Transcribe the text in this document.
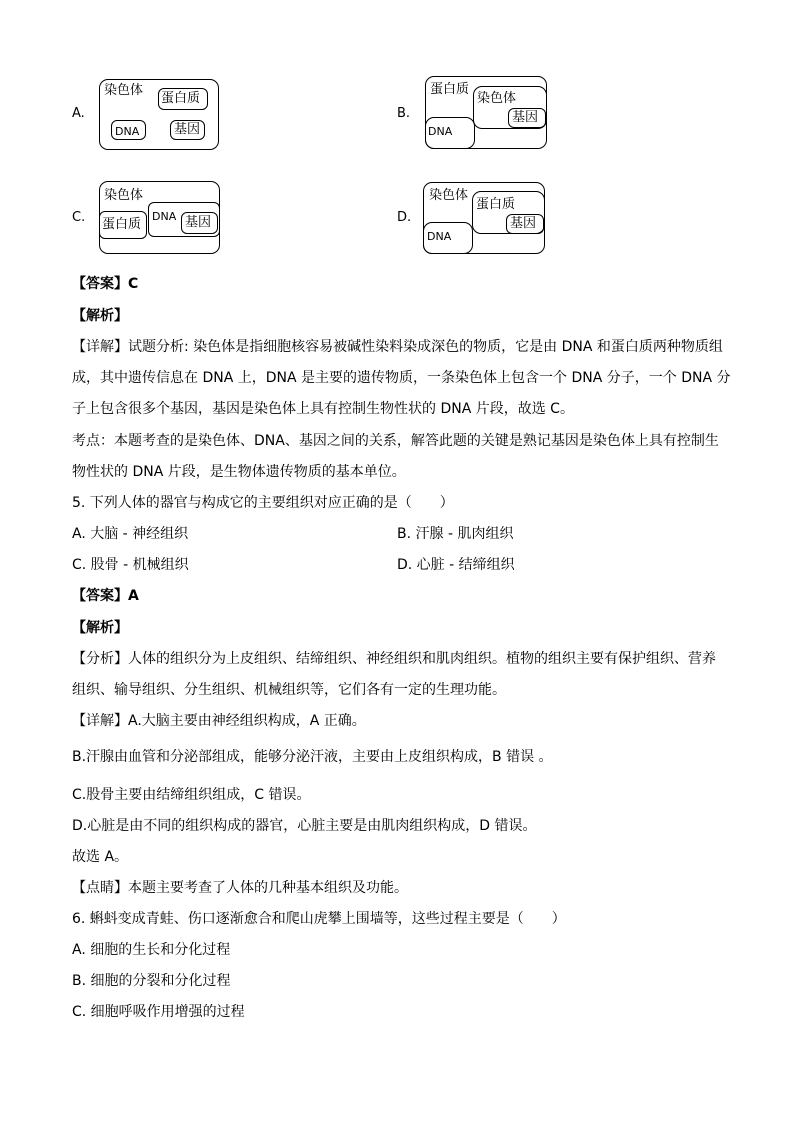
A.
染色体
蛋白质
DNA	基因
B.
蛋白质
染色体
基因
DNA
C.
染色体
蛋白质
DNA 基因	D.
染色体
蛋白质
基因
DNA
【答案】C
【解析】
【详解】试题分析: 染色体是指细胞核容易被碱性染料染成深色的物质，它是由 DNA 和蛋白质两种物质组
成，其中遗传信息在 DNA 上，DNA 是主要的遗传物质，一条染色体上包含一个 DNA 分子，一个 DNA 分
子上包含很多个基因，基因是染色体上具有控制生物性状的 DNA 片段，故选 C。
考点：本题考查的是染色体、DNA、基因之间的关系，解答此题的关键是熟记基因是染色体上具有控制生
物性状的 DNA 片段，是生物体遗传物质的基本单位。
5. 下列人体的器官与构成它的主要组织对应正确的是（　　）
A. 大脑 - 神经组织	B. 汗腺 - 肌肉组织
C. 股骨 - 机械组织	D. 心脏 - 结缔组织
【答案】A
【解析】
【分析】人体的组织分为上皮组织、结缔组织、神经组织和肌肉组织。植物的组织主要有保护组织、营养
组织、输导组织、分生组织、机械组织等，它们各有一定的生理功能。
【详解】A.大脑主要由神经组织构成，A 正确。
B.汗腺由血管和分泌部组成，能够分泌汗液，主要由上皮组织构成，B 错误 。
C.股骨主要由结缔组织组成，C 错误。
D.心脏是由不同的组织构成的器官，心脏主要是由肌肉组织构成，D 错误。
故选 A。
【点睛】本题主要考查了人体的几种基本组织及功能。
6. 蝌蚪变成青蛙、伤口逐渐愈合和爬山虎攀上围墙等，这些过程主要是（　　）
A. 细胞的生长和分化过程
B. 细胞的分裂和分化过程
C. 细胞呼吸作用增强的过程
